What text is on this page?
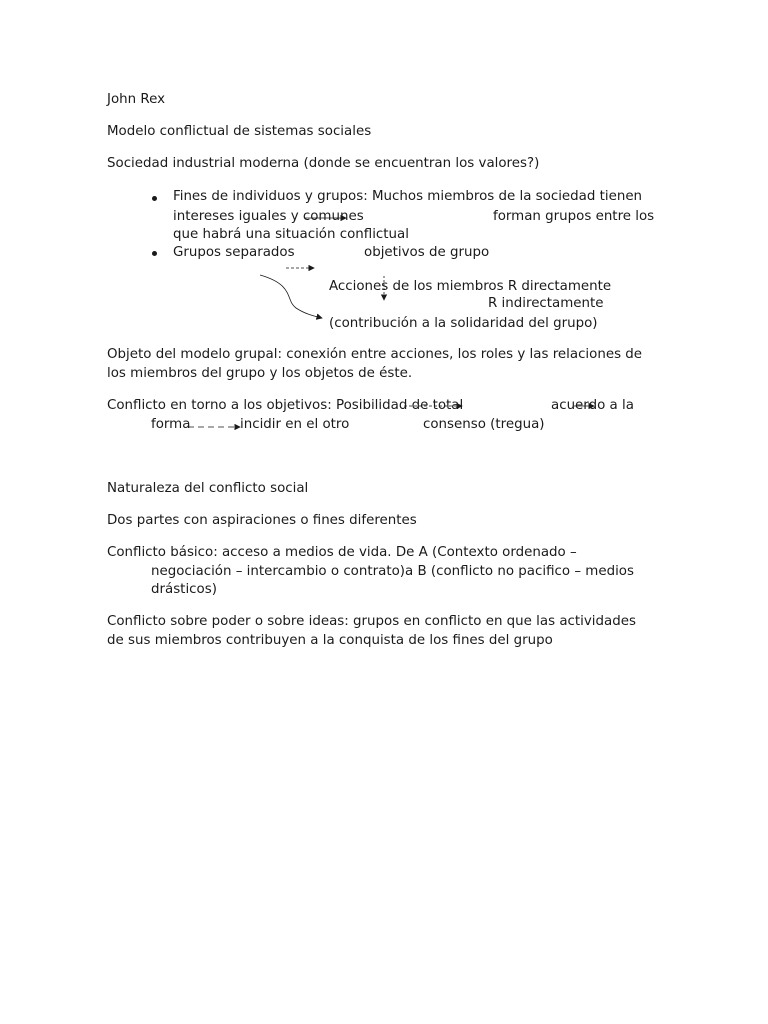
John Rex
Modelo conflictual de sistemas sociales
Sociedad industrial moderna (donde se encuentran los valores?)
Fines de individuos y grupos: Muchos miembros de la sociedad tienen
intereses iguales y comunes	forman grupos entre los
que habrá una situación conflictual
Grupos separados	objetivos de grupo
Acciones de los miembros R directamente
R indirectamente
(contribución a la solidaridad del grupo)
Objeto del modelo grupal: conexión entre acciones, los roles y las relaciones de
los miembros del grupo y los objetos de éste.
Conflicto en torno a los objetivos: Posibilidad de total	acuerdo a la
forma	incidir en el otro	consenso (tregua)
Naturaleza del conflicto social
Dos partes con aspiraciones o fines diferentes
Conflicto básico: acceso a medios de vida. De A (Contexto ordenado –
negociación – intercambio o contrato)a B (conflicto no pacifico – medios
drásticos)
Conflicto sobre poder o sobre ideas: grupos en conflicto en que las actividades
de sus miembros contribuyen a la conquista de los fines del grupo
